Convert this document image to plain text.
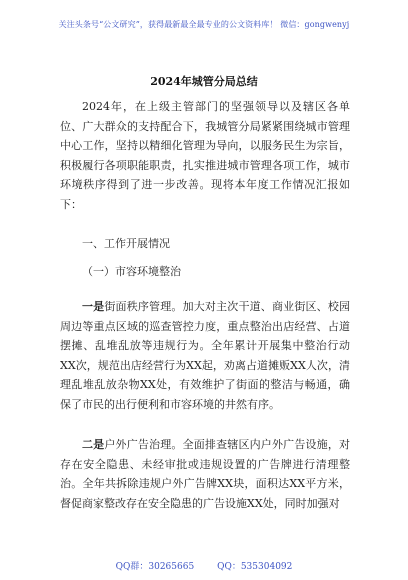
关注头条号“公文研究”，获得最新最全最专业的公文资料库！ 微信：gongwenyj
2024年城管分局总结

2024年，在上级主管部门的坚强领导以及辖区各单位、广大群众的支持配合下，我城管分局紧紧围绕城市管理中心工作，坚持以精细化管理为导向，以服务民生为宗旨，积极履行各项职能职责，扎实推进城市管理各项工作，城市环境秩序得到了进一步改善。现将本年度工作情况汇报如下：

一、工作开展情况

（一）市容环境整治

一是街面秩序管理。加大对主次干道、商业街区、校园周边等重点区域的巡查管控力度，重点整治出店经营、占道摆摊、乱堆乱放等违规行为。全年累计开展集中整治行动XX次，规范出店经营行为XX起，劝离占道摊贩XX人次，清理乱堆乱放杂物XX处，有效维护了街面的整洁与畅通，确保了市民的出行便利和市容环境的井然有序。

二是户外广告治理。全面排查辖区内户外广告设施，对存在安全隐患、未经审批或违规设置的广告牌进行清理整治。全年共拆除违规户外广告牌XX块，面积达XX平方米，督促商家整改存在安全隐患的广告设施XX处，同时加强对

QQ群：30265665	QQ：535304092
